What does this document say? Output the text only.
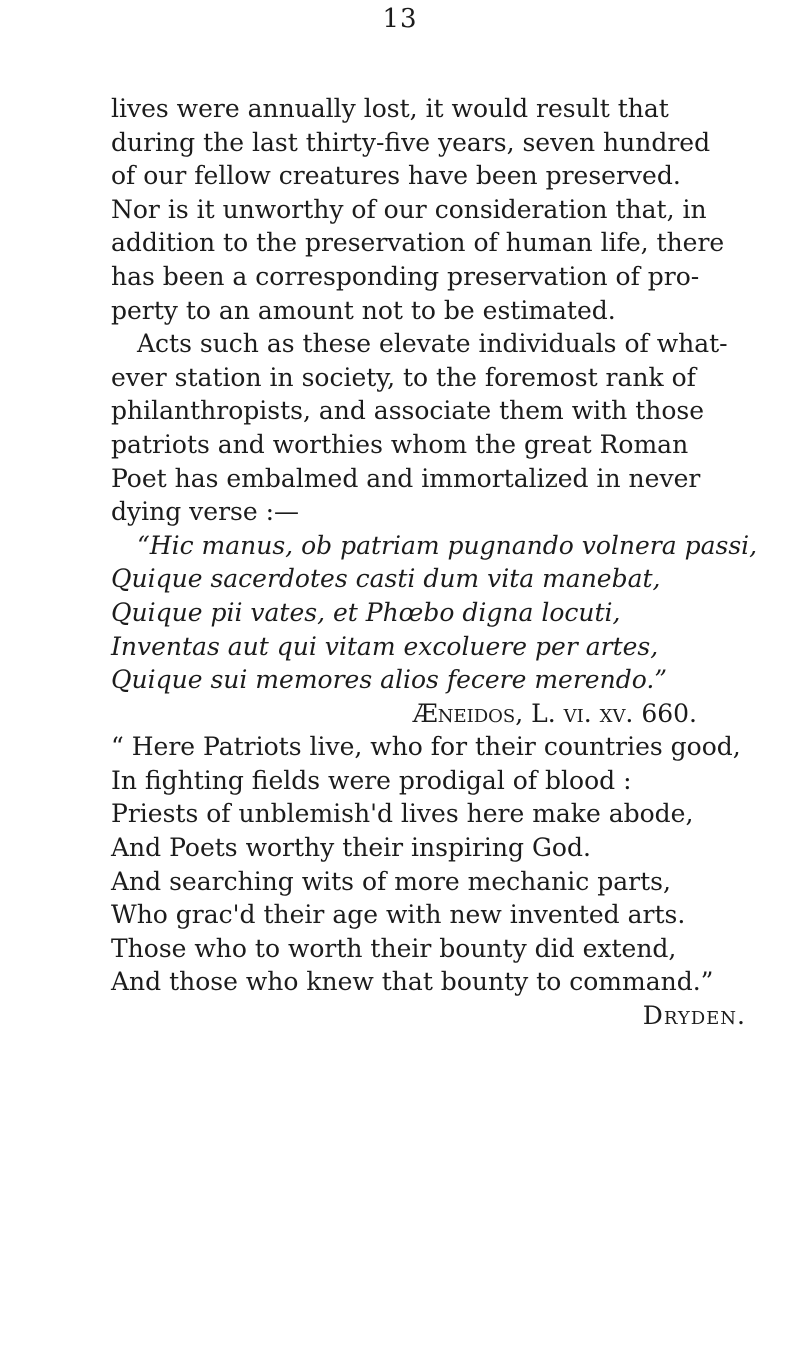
13
lives were annually lost, it would result that
during the last thirty-five years, seven hundred
of our fellow creatures have been preserved.
Nor is it unworthy of our consideration that, in
addition to the preservation of human life, there
has been a corresponding preservation of pro-
perty to an amount not to be estimated.
Acts such as these elevate individuals of what-
ever station in society, to the foremost rank of
philanthropists, and associate them with those
patriots and worthies whom the great Roman
Poet has embalmed and immortalized in never
dying verse :—
“Hic manus, ob patriam pugnando volnera passi,
Quique sacerdotes casti dum vita manebat,
Quique pii vates, et Phœbo digna locuti,
Inventas aut qui vitam excoluere per artes,
Quique sui memores alios fecere merendo.”
Æneidos, L. vi. xv. 660.
“ Here Patriots live, who for their countries good,
In fighting fields were prodigal of blood :
Priests of unblemish'd lives here make abode,
And Poets worthy their inspiring God.
And searching wits of more mechanic parts,
Who grac'd their age with new invented arts.
Those who to worth their bounty did extend,
And those who knew that bounty to command.”
Dryden.
